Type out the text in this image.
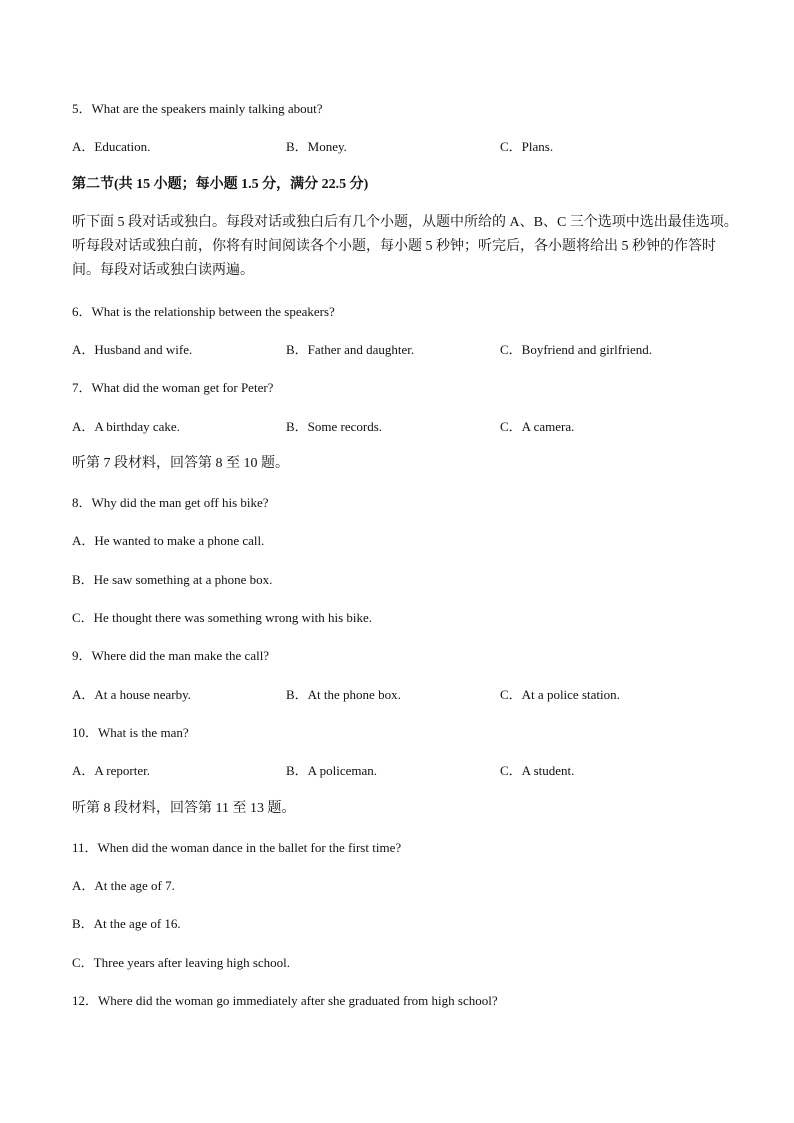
5．What are the speakers mainly talking about?
A．Education.	B．Money.	C．Plans.
第二节(共 15 小题；每小题 1.5 分，满分 22.5 分)
听下面 5 段对话或独白。每段对话或独白后有几个小题，从题中所给的 A、B、C 三个选项中选出最佳选项。
听每段对话或独白前，你将有时间阅读各个小题，每小题 5 秒钟；听完后，各小题将给出 5 秒钟的作答时
间。每段对话或独白读两遍。
6．What is the relationship between the speakers?
A．Husband and wife.	B．Father and daughter.	C．Boyfriend and girlfriend.
7．What did the woman get for Peter?
A．A birthday cake.	B．Some records.	C．A camera.
听第 7 段材料，回答第 8 至 10 题。
8．Why did the man get off his bike?
A．He wanted to make a phone call.
B．He saw something at a phone box.
C．He thought there was something wrong with his bike.
9．Where did the man make the call?
A．At a house nearby.	B．At the phone box.	C．At a police station.
10．What is the man?
A．A reporter.	B．A policeman.	C．A student.
听第 8 段材料，回答第 11 至 13 题。
11．When did the woman dance in the ballet for the first time?
A．At the age of 7.
B．At the age of 16.
C．Three years after leaving high school.
12．Where did the woman go immediately after she graduated from high school?
